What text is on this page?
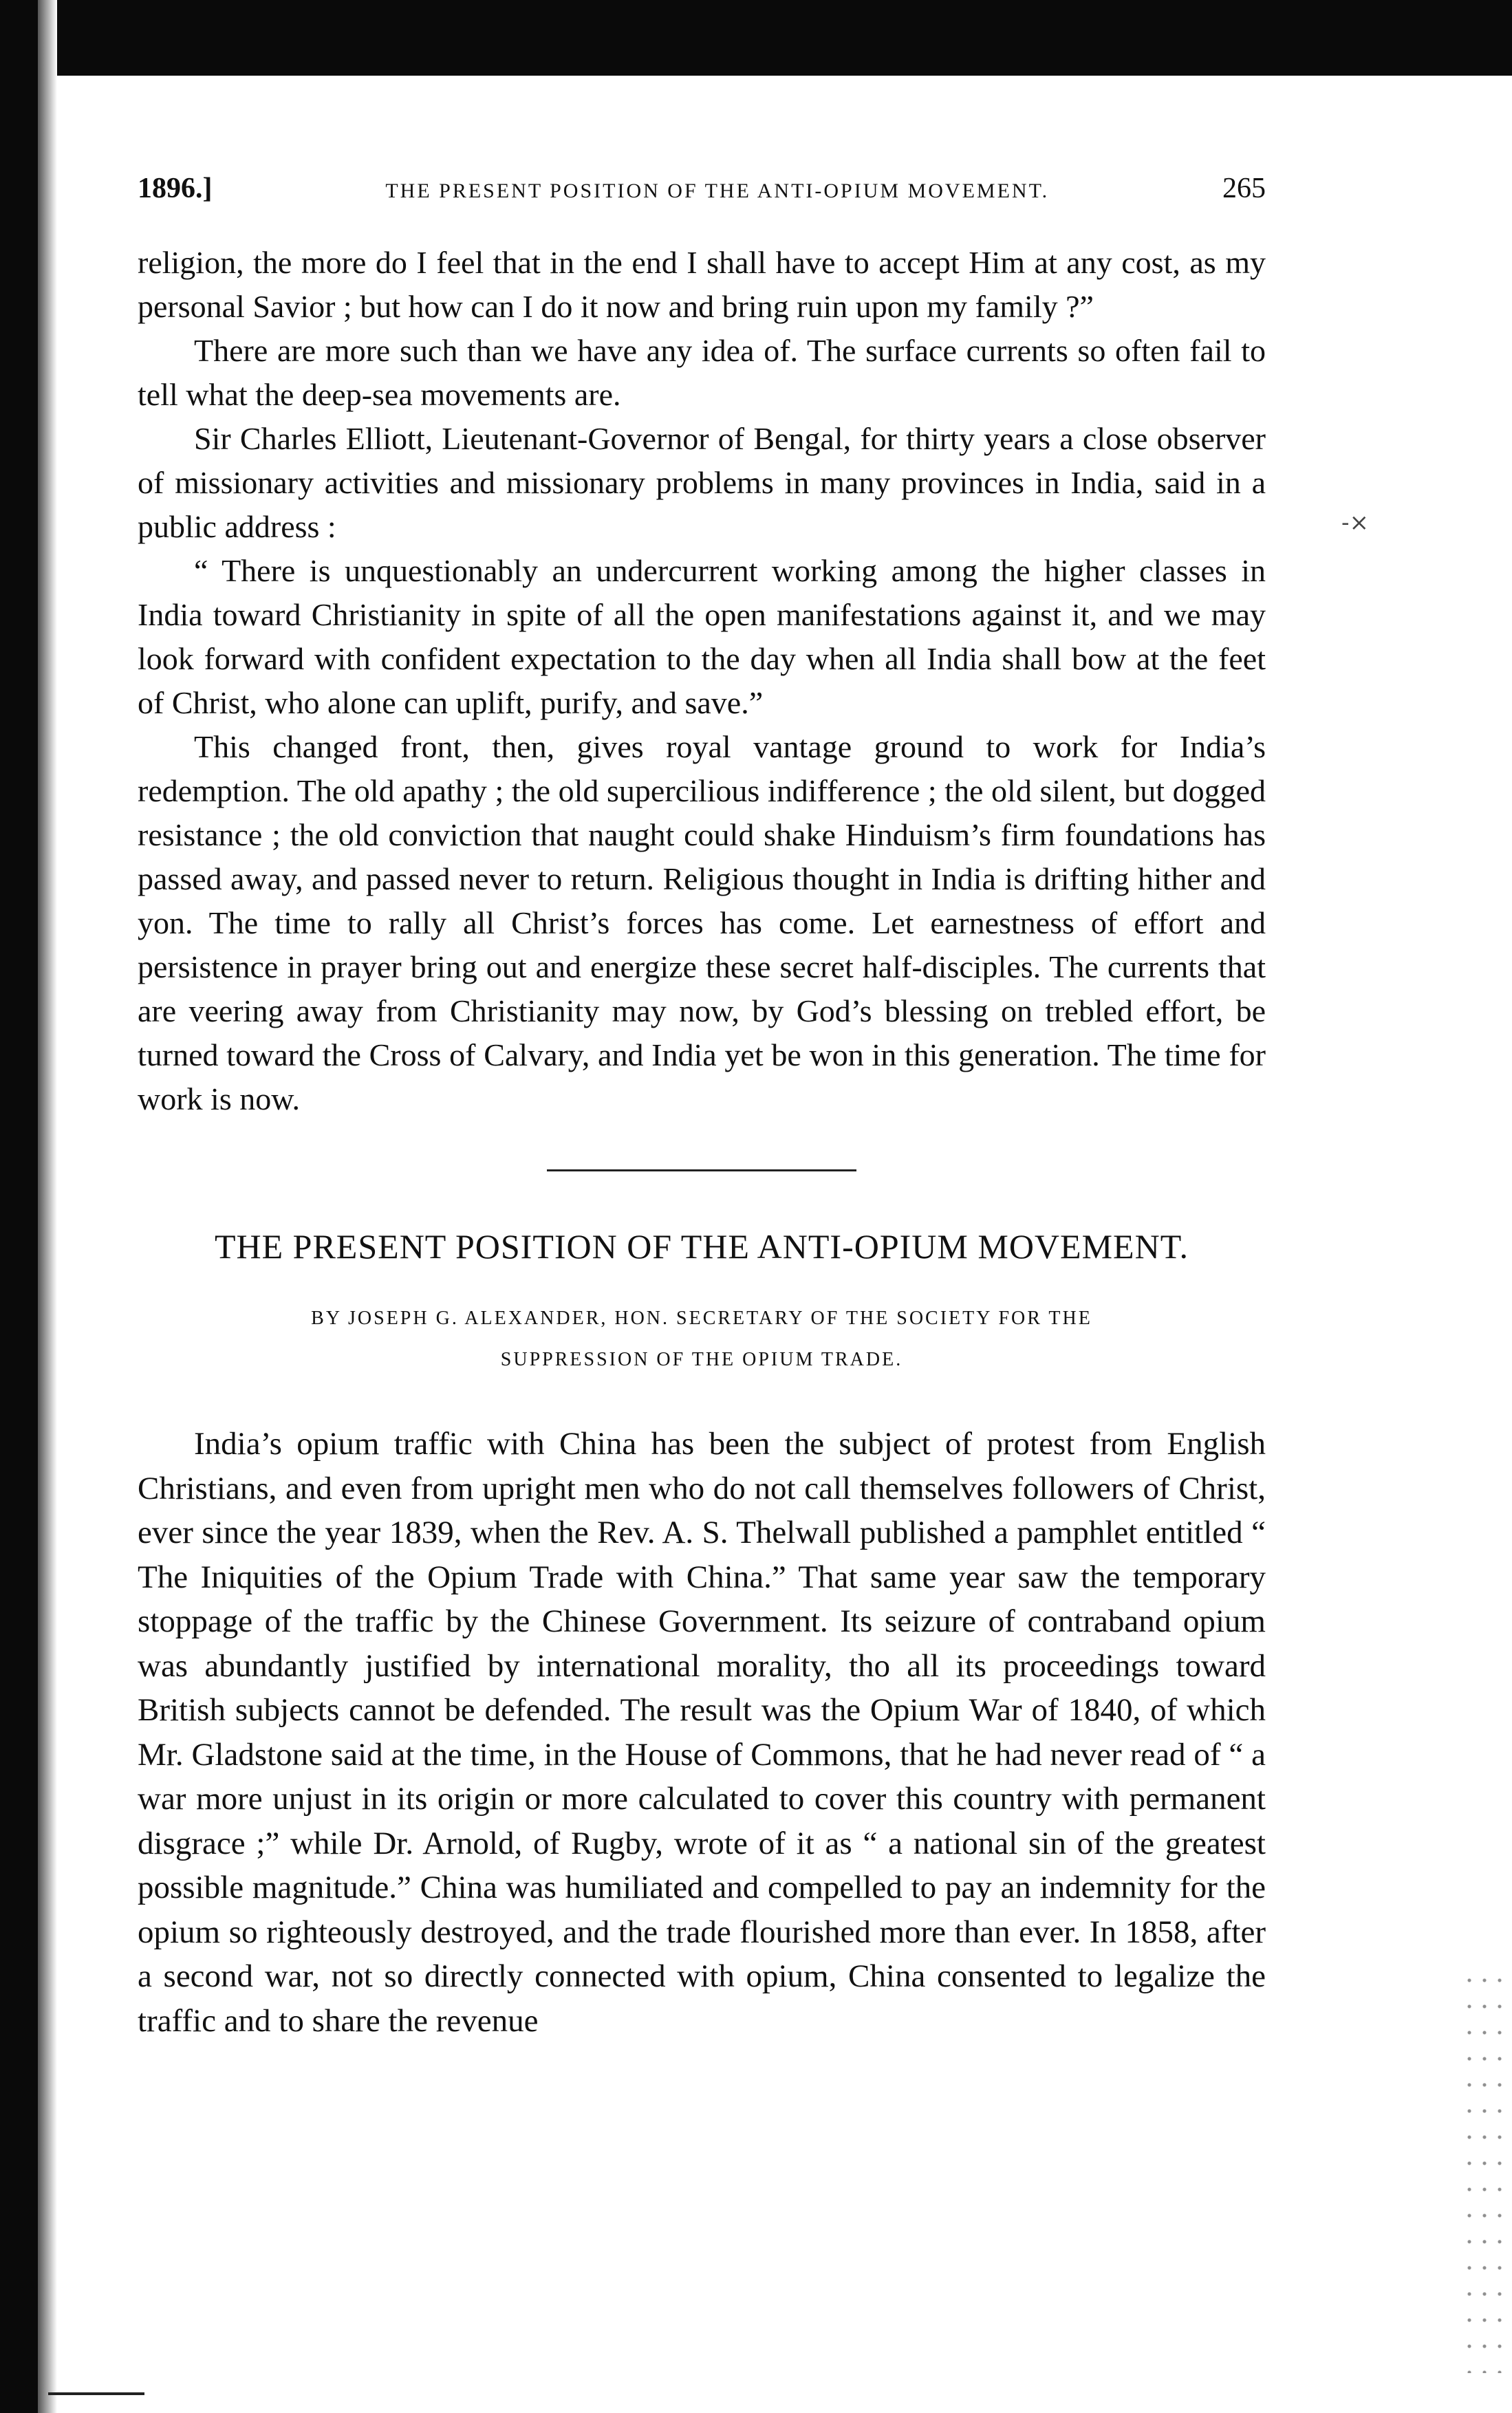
-⨯
1896.]	THE PRESENT POSITION OF THE ANTI-OPIUM MOVEMENT.	265

religion, the more do I feel that in the end I shall have to accept Him at any cost, as my personal Savior ; but how can I do it now and bring ruin upon my family ?”

There are more such than we have any idea of. The surface currents so often fail to tell what the deep-sea movements are.

Sir Charles Elliott, Lieutenant-Governor of Bengal, for thirty years a close observer of missionary activities and missionary problems in many provinces in India, said in a public address :

“ There is unquestionably an undercurrent working among the higher classes in India toward Christianity in spite of all the open manifestations against it, and we may look forward with confident expectation to the day when all India shall bow at the feet of Christ, who alone can uplift, purify, and save.”

This changed front, then, gives royal vantage ground to work for India’s redemption. The old apathy ; the old supercilious indifference ; the old silent, but dogged resistance ; the old conviction that naught could shake Hinduism’s firm foundations has passed away, and passed never to return. Religious thought in India is drifting hither and yon. The time to rally all Christ’s forces has come. Let earnestness of effort and persistence in prayer bring out and energize these secret half-disciples. The currents that are veering away from Christianity may now, by God’s blessing on trebled effort, be turned toward the Cross of Calvary, and India yet be won in this generation. The time for work is now.

THE PRESENT POSITION OF THE ANTI-OPIUM MOVEMENT.
BY JOSEPH G. ALEXANDER, HON. SECRETARY OF THE SOCIETY FOR THE
SUPPRESSION OF THE OPIUM TRADE.

India’s opium traffic with China has been the subject of protest from English Christians, and even from upright men who do not call themselves followers of Christ, ever since the year 1839, when the Rev. A. S. Thelwall published a pamphlet entitled “ The Iniquities of the Opium Trade with China.” That same year saw the temporary stoppage of the traffic by the Chinese Government. Its seizure of contraband opium was abundantly justified by international morality, tho all its proceedings toward British subjects cannot be defended. The result was the Opium War of 1840, of which Mr. Gladstone said at the time, in the House of Commons, that he had never read of “ a war more unjust in its origin or more calculated to cover this country with permanent disgrace ;” while Dr. Arnold, of Rugby, wrote of it as “ a national sin of the greatest possible magnitude.” China was humiliated and compelled to pay an indemnity for the opium so righteously destroyed, and the trade flourished more than ever. In 1858, after a second war, not so directly connected with opium, China consented to legalize the traffic and to share the revenue
